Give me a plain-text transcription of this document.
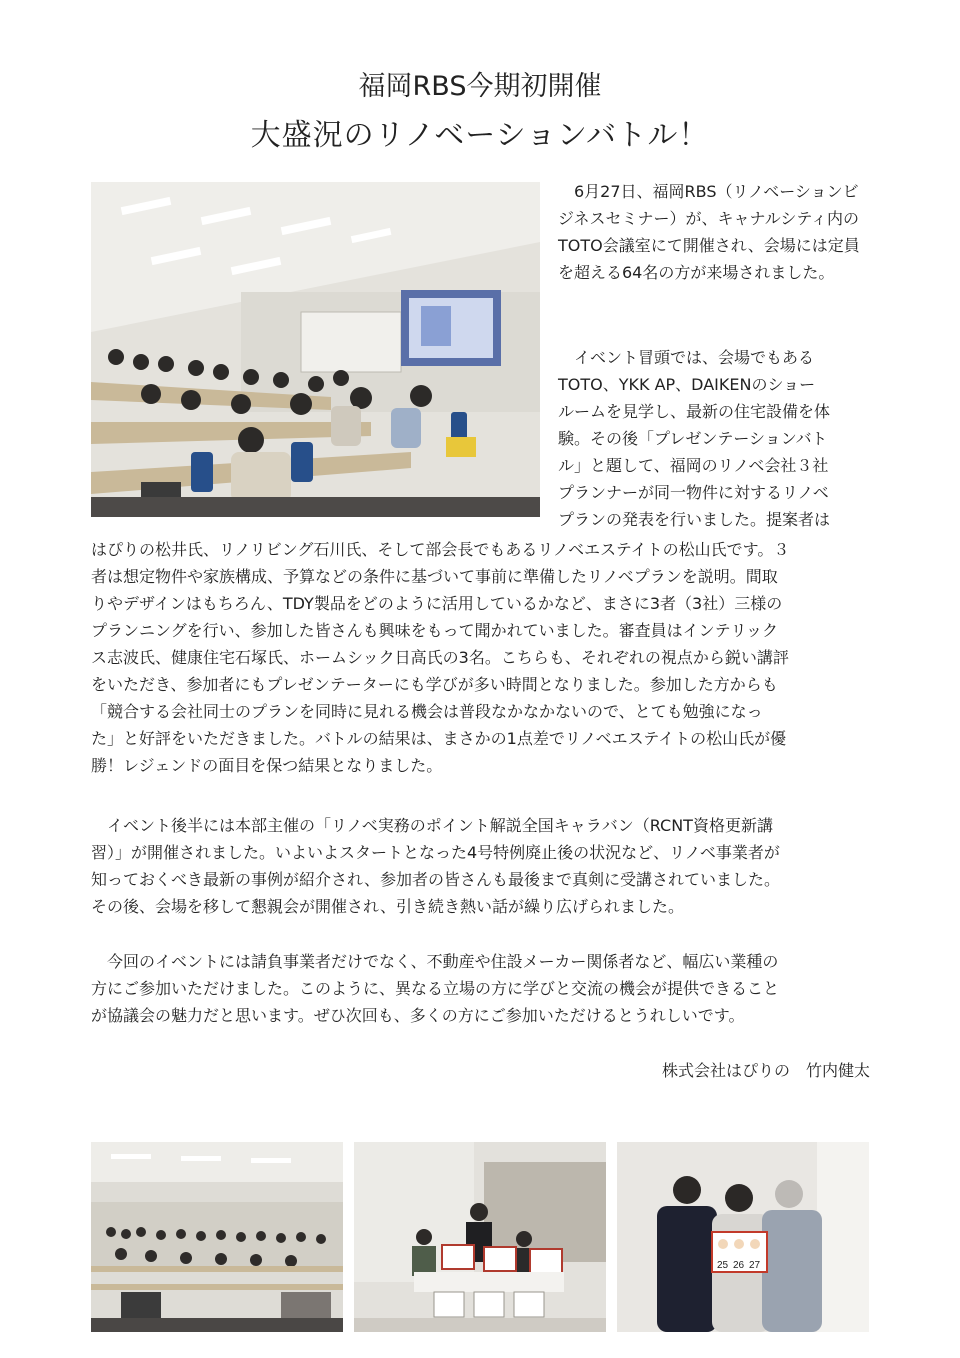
福岡RBS今期初開催
大盛況のリノベーションバトル！
6月27日、福岡RBS（リノベーションビジネスセミナー）が、キャナルシティ内のTOTO会議室にて開催され、会場には定員を超える64名の方が来場されました。
イベント冒頭では、会場でもある
TOTO、YKK AP、DAIKENのショー
ルームを見学し、最新の住宅設備を体
験。その後「プレゼンテーションバト
ル」と題して、福岡のリノベ会社３社
プランナーが同一物件に対するリノベ
プランの発表を行いました。提案者は
はぴりの松井氏、リノリビング石川氏、そして部会長でもあるリノベエステイトの松山氏です。３
者は想定物件や家族構成、予算などの条件に基づいて事前に準備したリノベプランを説明。間取
りやデザインはもちろん、TDY製品をどのように活用しているかなど、まさに3者（3社）三様の
プランニングを行い、参加した皆さんも興味をもって聞かれていました。審査員はインテリック
ス志波氏、健康住宅石塚氏、ホームシック日高氏の3名。こちらも、それぞれの視点から鋭い講評
をいただき、参加者にもプレゼンテーターにも学びが多い時間となりました。参加した方からも
「競合する会社同士のプランを同時に見れる機会は普段なかなかないので、とても勉強になっ
た」と好評をいただきました。バトルの結果は、まさかの1点差でリノベエステイトの松山氏が優
勝！レジェンドの面目を保つ結果となりました。
イベント後半には本部主催の「リノベ実務のポイント解説全国キャラバン（RCNT資格更新講
習）」が開催されました。いよいよスタートとなった4号特例廃止後の状況など、リノベ事業者が
知っておくべき最新の事例が紹介され、参加者の皆さんも最後まで真剣に受講されていました。
その後、会場を移して懇親会が開催され、引き続き熱い話が繰り広げられました。
今回のイベントには請負事業者だけでなく、不動産や住設メーカー関係者など、幅広い業種の
方にご参加いただけました。このように、異なる立場の方に学びと交流の機会が提供できること
が協議会の魅力だと思います。ぜひ次回も、多くの方にご参加いただけるとうれしいです。
株式会社はぴりの　竹内健太
25 26 27
